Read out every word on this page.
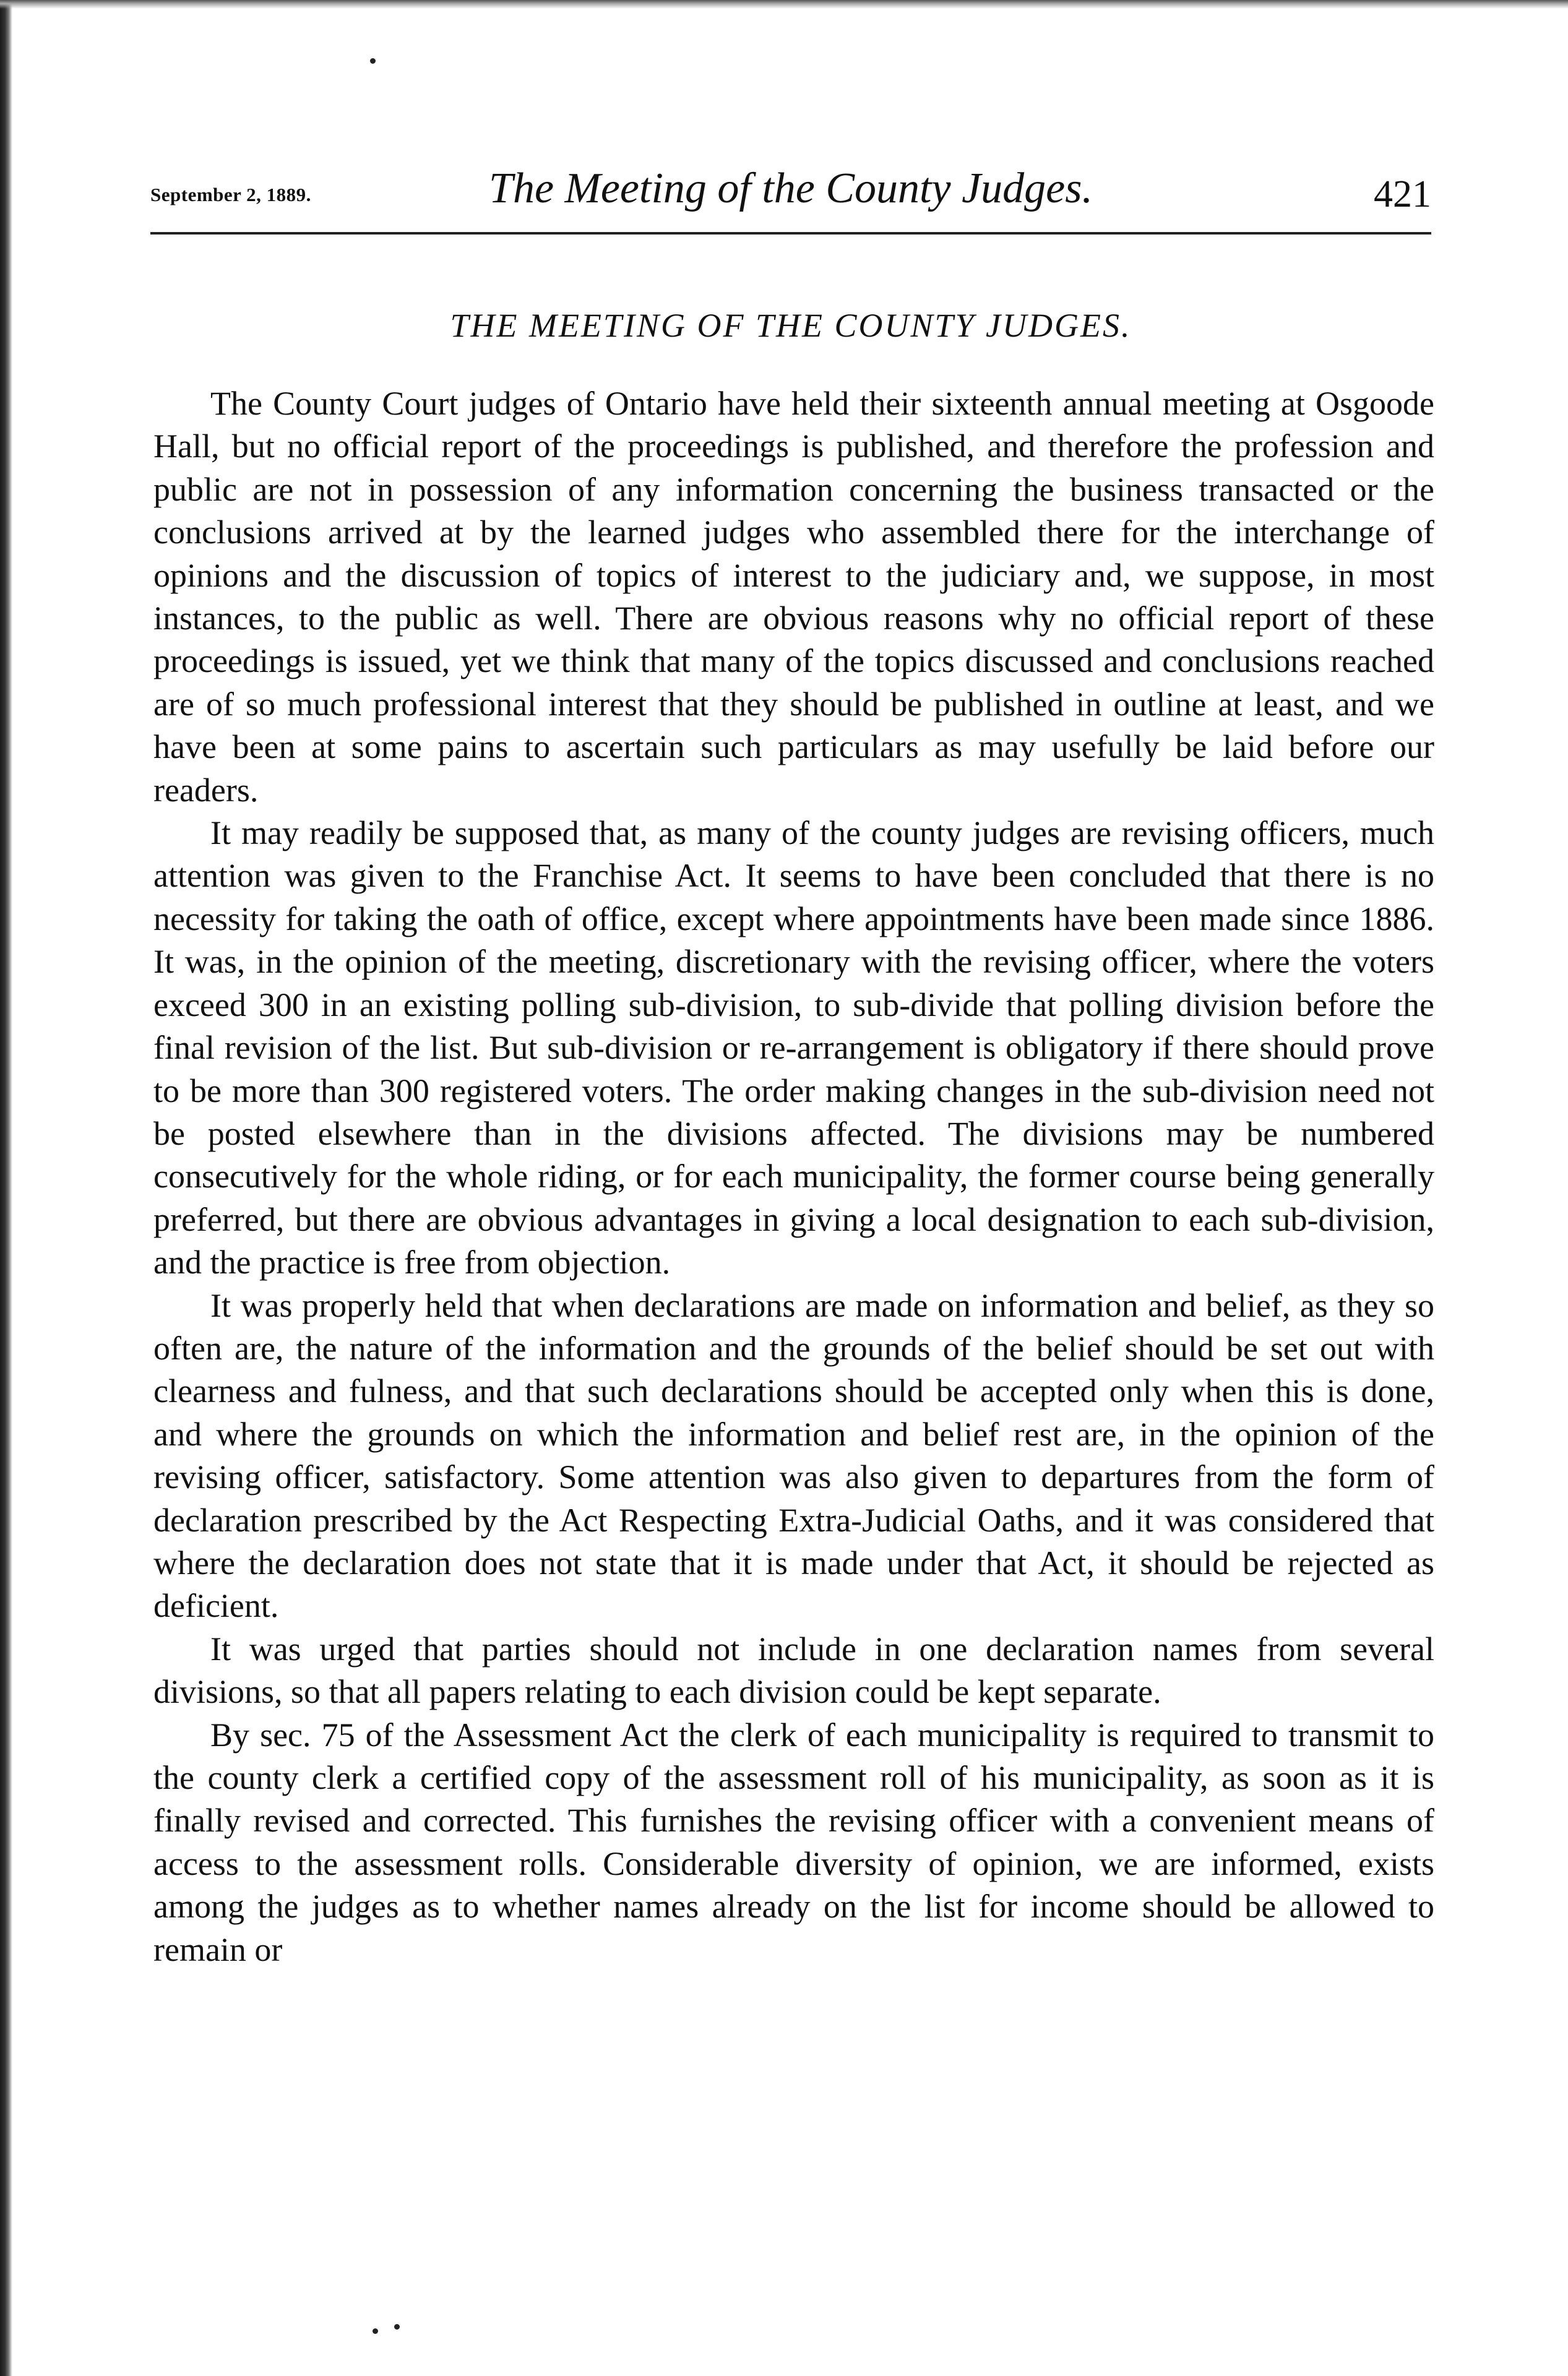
September 2, 1889.	The Meeting of the County Judges.	421
THE MEETING OF THE COUNTY JUDGES.

The County Court judges of Ontario have held their sixteenth annual meeting at Osgoode Hall, but no official report of the proceedings is published, and therefore the profession and public are not in possession of any information concerning the business transacted or the conclusions arrived at by the learned judges who assembled there for the interchange of opinions and the discussion of topics of interest to the judiciary and, we suppose, in most instances, to the public as well. There are obvious reasons why no official report of these proceedings is issued, yet we think that many of the topics discussed and conclusions reached are of so much professional interest that they should be published in outline at least, and we have been at some pains to ascertain such particulars as may usefully be laid before our readers.

It may readily be supposed that, as many of the county judges are revising officers, much attention was given to the Franchise Act. It seems to have been concluded that there is no necessity for taking the oath of office, except where appointments have been made since 1886. It was, in the opinion of the meeting, discretionary with the revising officer, where the voters exceed 300 in an existing polling sub-division, to sub-divide that polling division before the final revision of the list. But sub-division or re-arrangement is obligatory if there should prove to be more than 300 registered voters. The order making changes in the sub-division need not be posted elsewhere than in the divisions affected. The divisions may be numbered consecutively for the whole riding, or for each municipality, the former course being generally preferred, but there are obvious advantages in giving a local designation to each sub-division, and the practice is free from objection.

It was properly held that when declarations are made on information and belief, as they so often are, the nature of the information and the grounds of the belief should be set out with clearness and fulness, and that such declarations should be accepted only when this is done, and where the grounds on which the information and belief rest are, in the opinion of the revising officer, satisfactory. Some attention was also given to departures from the form of declaration prescribed by the Act Respecting Extra-Judicial Oaths, and it was considered that where the declaration does not state that it is made under that Act, it should be rejected as deficient.

It was urged that parties should not include in one declaration names from several divisions, so that all papers relating to each division could be kept separate.

By sec. 75 of the Assessment Act the clerk of each municipality is required to transmit to the county clerk a certified copy of the assessment roll of his municipality, as soon as it is finally revised and corrected. This furnishes the revising officer with a convenient means of access to the assessment rolls. Considerable diversity of opinion, we are informed, exists among the judges as to whether names already on the list for income should be allowed to remain or
